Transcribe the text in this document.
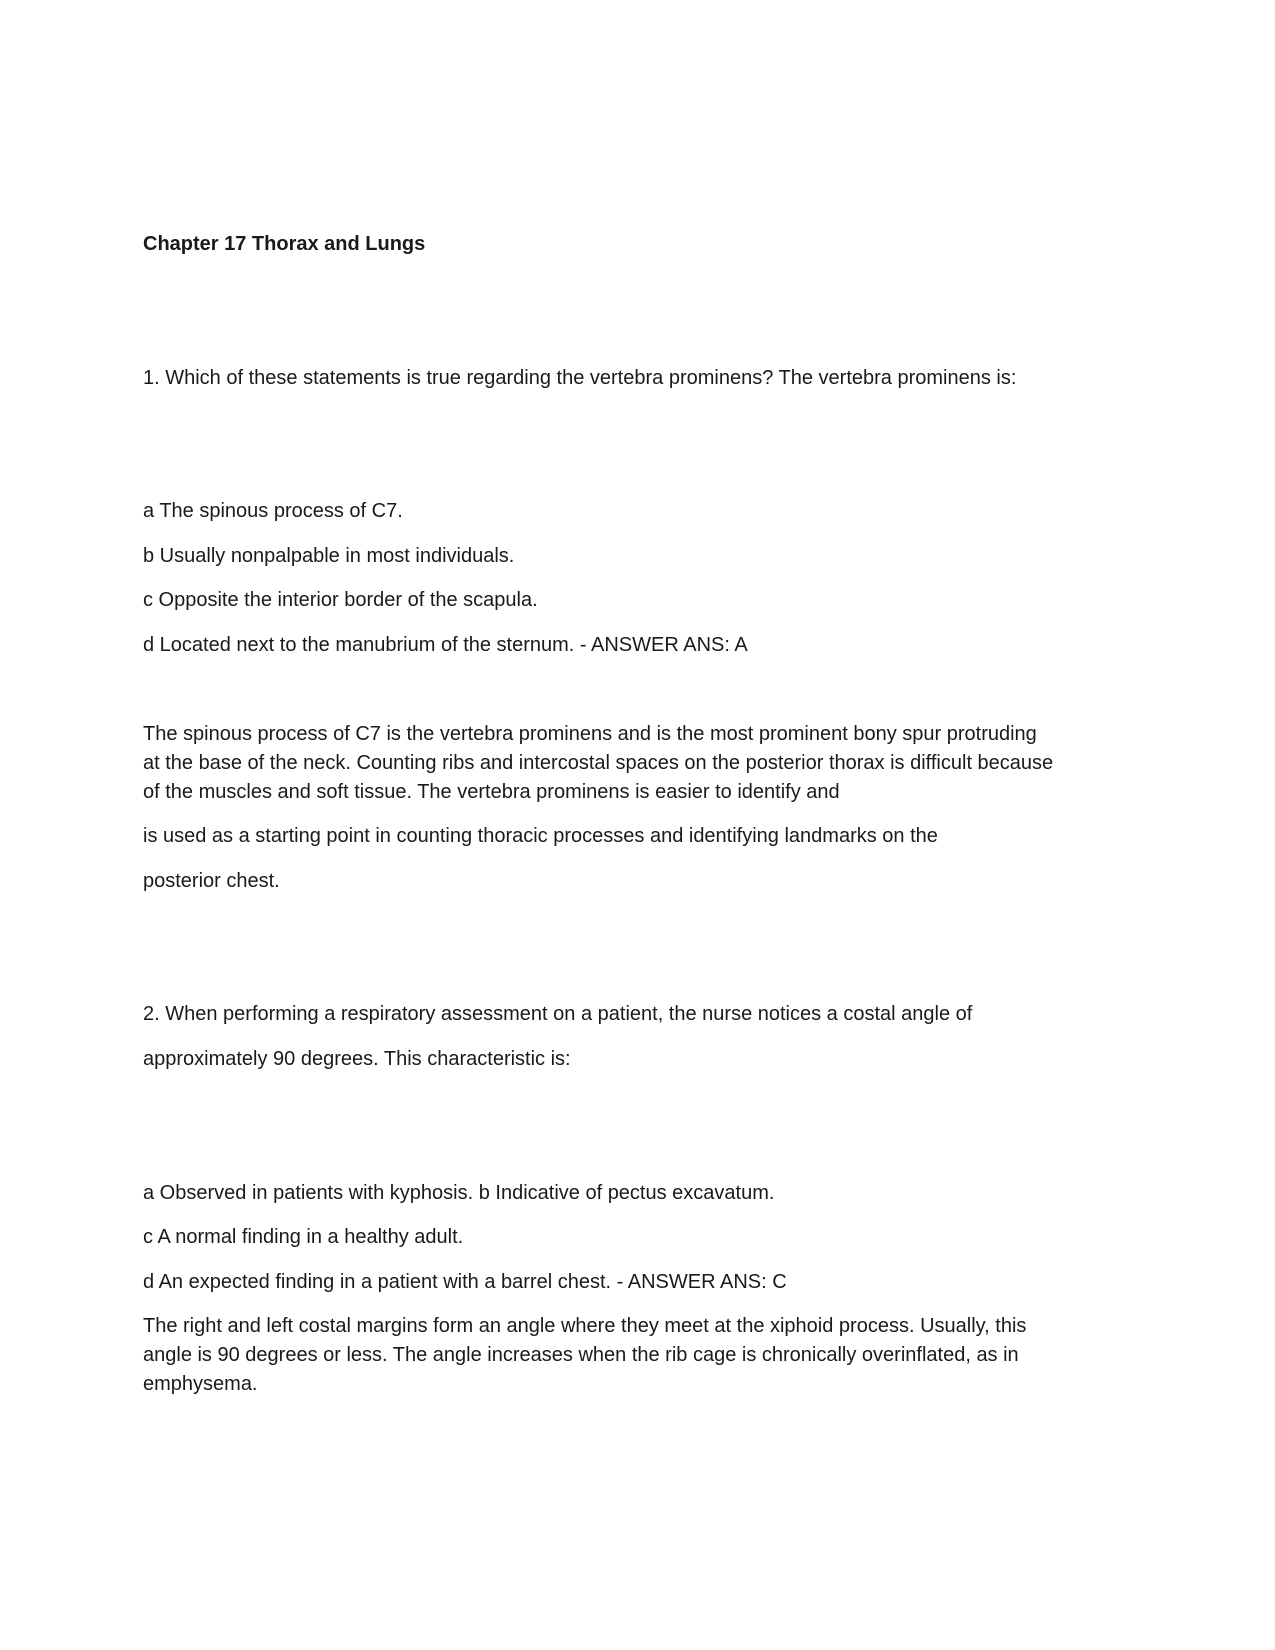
Chapter 17 Thorax and Lungs

1. Which of these statements is true regarding the vertebra prominens? The vertebra prominens is:

a The spinous process of C7.

b Usually nonpalpable in most individuals.

c Opposite the interior border of the scapula.

d Located next to the manubrium of the sternum. - ANSWER ANS: A

The spinous process of C7 is the vertebra prominens and is the most prominent bony spur protruding

at the base of the neck. Counting ribs and intercostal spaces on the posterior thorax is difficult because

of the muscles and soft tissue. The vertebra prominens is easier to identify and

is used as a starting point in counting thoracic processes and identifying landmarks on the

posterior chest.

2. When performing a respiratory assessment on a patient, the nurse notices a costal angle of

approximately 90 degrees. This characteristic is:

a Observed in patients with kyphosis. b Indicative of pectus excavatum.

c A normal finding in a healthy adult.

d An expected finding in a patient with a barrel chest. - ANSWER ANS: C

The right and left costal margins form an angle where they meet at the xiphoid process. Usually, this

angle is 90 degrees or less. The angle increases when the rib cage is chronically overinflated, as in

emphysema.
